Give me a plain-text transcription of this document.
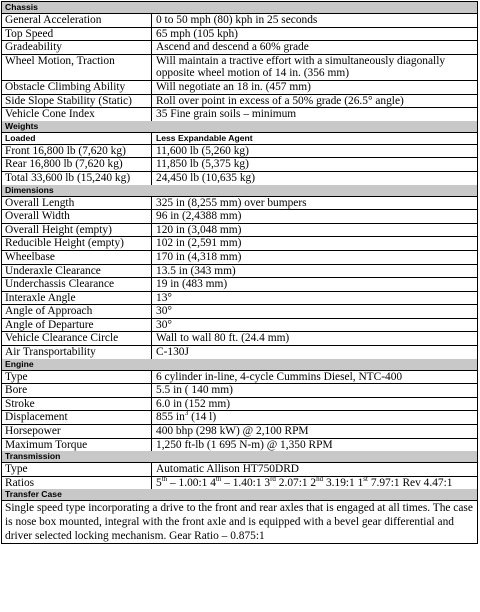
Chassis
General Acceleration	0 to 50 mph (80) kph in 25 seconds
Top Speed	65 mph (105 kph)
Gradeability	Ascend and descend a 60% grade
Wheel Motion, Traction	Will maintain a tractive effort with a simultaneously diagonally opposite wheel motion of 14 in. (356 mm)
Obstacle Climbing Ability	Will negotiate an 18 in. (457 mm)
Side Slope Stability (Static)	Roll over point in excess of a 50% grade (26.5° angle)
Vehicle Cone Index	35 Fine grain soils – minimum
Weights
Loaded	Less Expandable Agent
Front 16,800 lb (7,620 kg)	11,600 lb (5,260 kg)
Rear 16,800 lb (7,620 kg)	11,850 lb (5,375 kg)
Total 33,600 lb (15,240 kg)	24,450 lb (10,635 kg)
Dimensions
Overall Length	325 in (8,255 mm) over bumpers
Overall Width	96 in (2,4388 mm)
Overall Height (empty)	120 in (3,048 mm)
Reducible Height (empty)	102 in (2,591 mm)
Wheelbase	170 in (4,318 mm)
Underaxle Clearance	13.5 in (343 mm)
Underchassis Clearance	19 in (483 mm)
Interaxle Angle	13°
Angle of Approach	30°
Angle of Departure	30°
Vehicle Clearance Circle	Wall to wall 80 ft. (24.4 mm)
Air Transportability	C-130J
Engine
Type	6 cylinder in-line, 4-cycle Cummins Diesel, NTC-400
Bore	5.5 in ( 140 mm)
Stroke	6.0 in (152 mm)
Displacement	855 $in^3$ (14 l)
Horsepower	400 bhp (298 kW) @ 2,100 RPM
Maximum Torque	1,250 ft-lb (1 695 N-m) @ 1,350 RPM
Transmission
Type	Automatic Allison HT750DRD
Ratios	5th – 1.00:1 4th – 1.40:1 3rd 2.07:1 2nd 3.19:1 1st 7.97:1 Rev 4.47:1
Transfer Case
Single speed type incorporating a drive to the front and rear axles that is engaged at all times. The case is nose box mounted, integral with the front axle and is equipped with a bevel gear differential and driver selected locking mechanism. Gear Ratio – 0.875:1
